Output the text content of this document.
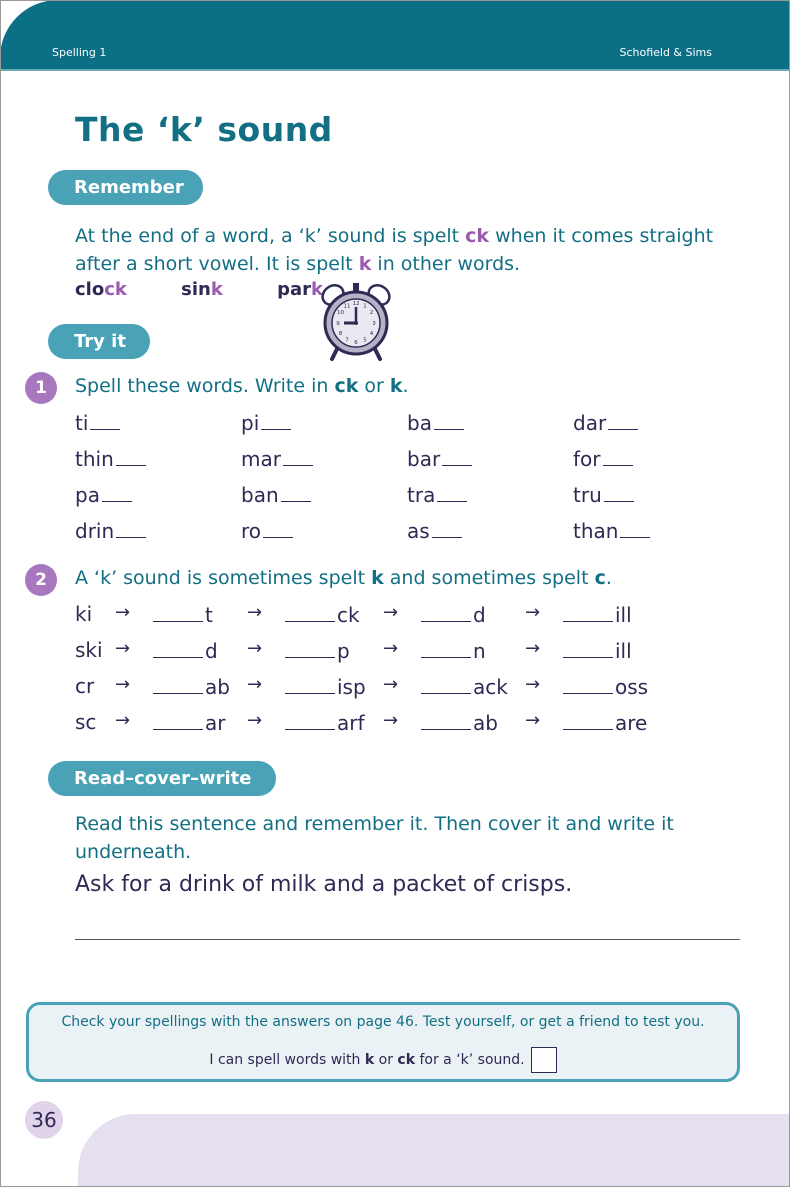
Spelling 1	Schofield & Sims
The ‘k’ sound
Remember

At the end of a word, a ‘k’ sound is spelt ck when it comes straight after a short vowel. It is spelt k in other words.

clock	sink	park
12 1
2
3
4
5
6
7
8
9
10
11
Try it
1	Spell these words. Write in ck or k.

ti	pi	ba	dar
thin	mar	bar	for
pa	ban	tra	tru
drin	ro	as	than
2	A ‘k’ sound is sometimes spelt k and sometimes spelt c.

ki →	t →	ck →	d →	ill
ski →	d →	p →	n →	ill
cr →	ab →	isp →	ack →	oss
sc →	ar →	arf →	ab →	are
Read–cover–write

Read this sentence and remember it. Then cover it and write it underneath.

Ask for a drink of milk and a packet of crisps.

Check your spellings with the answers on page 46. Test yourself, or get a friend to test you.

I can spell words with k or ck for a ‘k’ sound.

36
